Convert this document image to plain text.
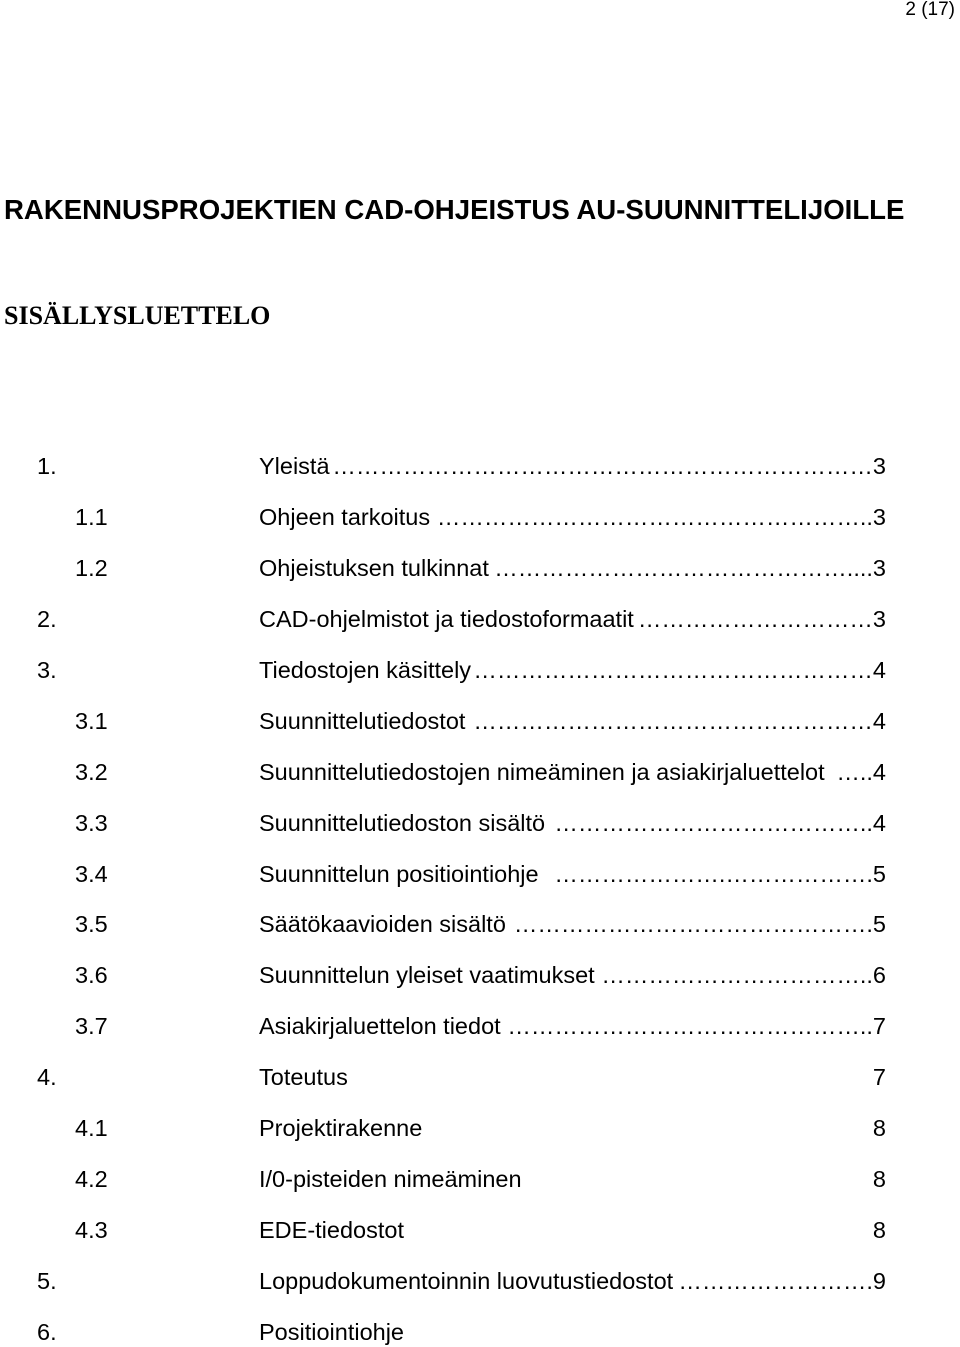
2 (17)
RAKENNUSPROJEKTIEN CAD-OHJEISTUS AU-SUUNNITTELIJOILLE
SISÄLLYSLUETTELO
1.	Yleistä …………………………………………………………… 3
1.1	Ohjeen tarkoitus ……………………………………………….. 3
1.2	Ohjeistuksen tulkinnat ……………………………………….... 3
2.	CAD-ohjelmistot ja tiedostoformaatit ………………………… 3
3.	Tiedostojen käsittely …………………………………………… 4
3.1	Suunnittelutiedostot …………………………………………… 4
3.2	Suunnittelutiedostojen nimeäminen ja asiakirjaluettelot ….. 4
3.3	Suunnittelutiedoston sisältö ………………………………….. 4
3.4	Suunnittelun positiointiohje ………………….………………. 5
3.5	Säätökaavioiden sisältö ………………………………………. 5
3.6	Suunnittelun yleiset vaatimukset …………………………….. 6
3.7	Asiakirjaluettelon tiedot ……………………………………….. 7
4.	Toteutus	7
4.1	Projektirakenne	8
4.2	I/0-pisteiden nimeäminen	8
4.3	EDE-tiedostot	8
5.	Loppudokumentoinnin luovutustiedostot ……………………. 9
6.	Positiointiohje
